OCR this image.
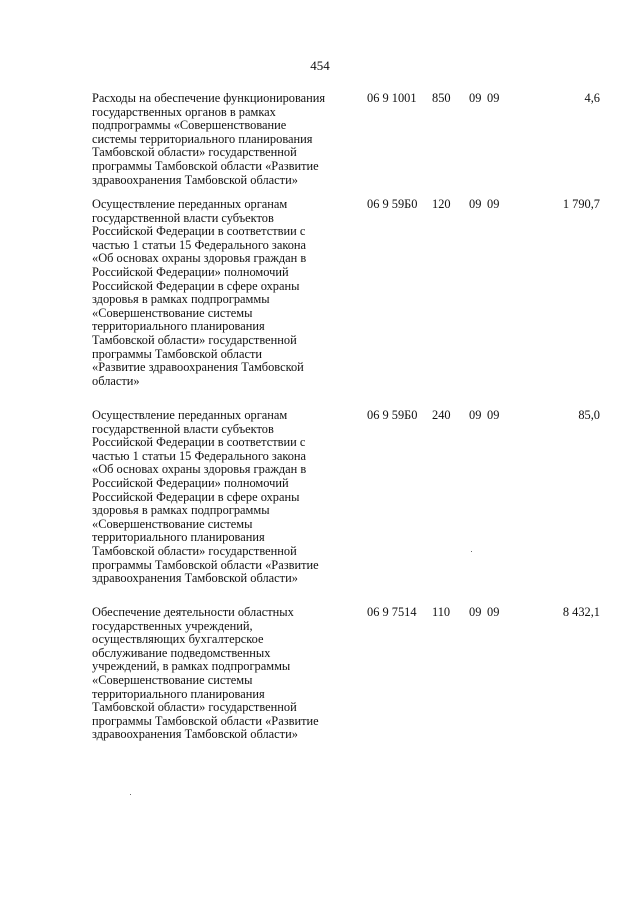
454
Расходы на обеспечение функционирования
государственных органов в рамках
подпрограммы «Совершенствование
системы территориального планирования
Тамбовской области» государственной
программы Тамбовской области «Развитие
здравоохранения Тамбовской области»
06 9 1001 850 09 09	4,6
Осуществление переданных органам
государственной власти субъектов
Российской Федерации в соответствии с
частью 1 статьи 15 Федерального закона
«Об основах охраны здоровья граждан в
Российской Федерации» полномочий
Российской Федерации в сфере охраны
здоровья в рамках подпрограммы
«Совершенствование системы
территориального планирования
Тамбовской области» государственной
программы Тамбовской области
«Развитие здравоохранения Тамбовской
области»
06 9 59Б0 120 09 09	1 790,7
Осуществление переданных органам
государственной власти субъектов
Российской Федерации в соответствии с
частью 1 статьи 15 Федерального закона
«Об основах охраны здоровья граждан в
Российской Федерации» полномочий
Российской Федерации в сфере охраны
здоровья в рамках подпрограммы
«Совершенствование системы
территориального планирования
Тамбовской области» государственной
программы Тамбовской области «Развитие
здравоохранения Тамбовской области»
06 9 59Б0 240 09 09	85,0
Обеспечение деятельности областных
государственных учреждений,
осуществляющих бухгалтерское
обслуживание подведомственных
учреждений, в рамках подпрограммы
«Совершенствование системы
территориального планирования
Тамбовской области» государственной
программы Тамбовской области «Развитие
здравоохранения Тамбовской области»
06 9 7514 110 09 09	8 432,1
